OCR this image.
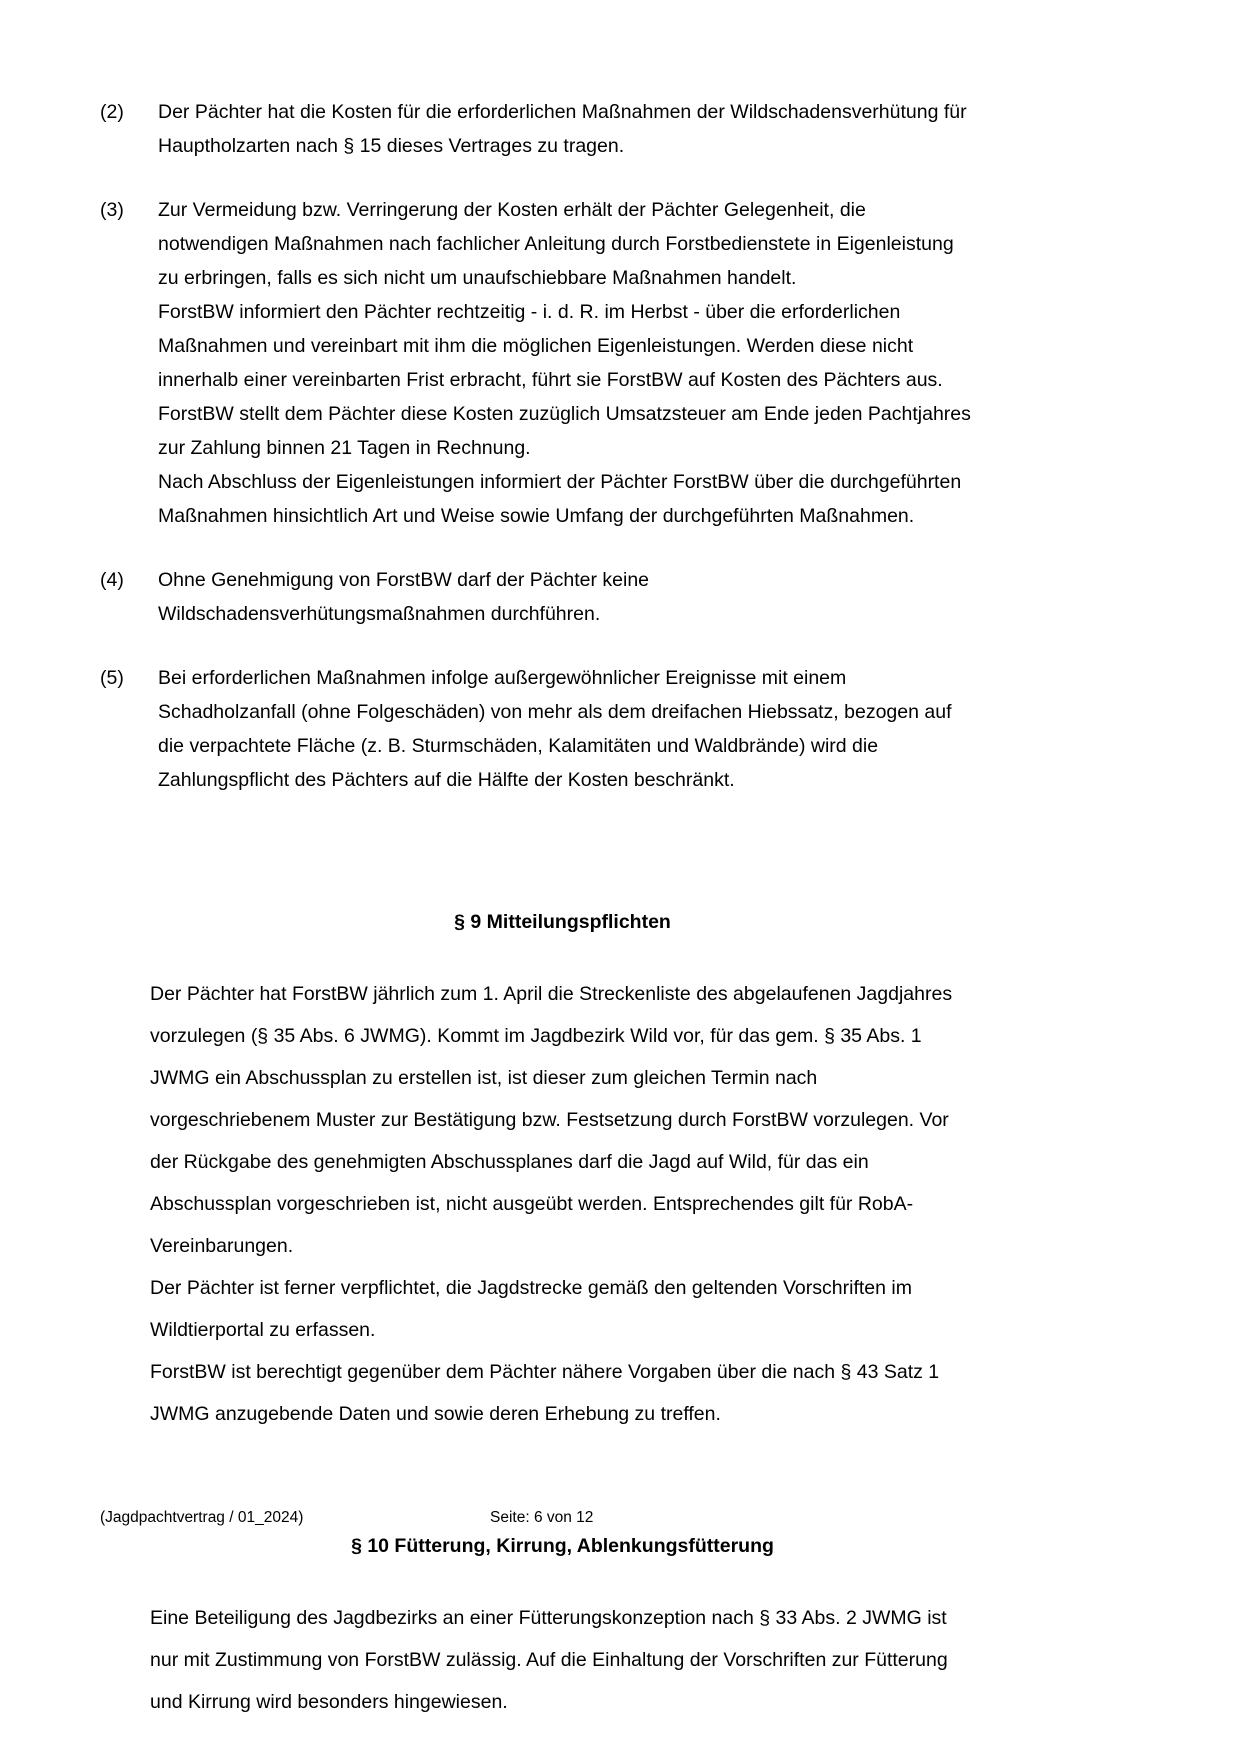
(2)	Der Pächter hat die Kosten für die erforderlichen Maßnahmen der Wildschadensverhütung für
Hauptholzarten nach § 15 dieses Vertrages zu tragen.
(3)	Zur Vermeidung bzw. Verringerung der Kosten erhält der Pächter Gelegenheit, die
notwendigen Maßnahmen nach fachlicher Anleitung durch Forstbedienstete in Eigenleistung
zu erbringen, falls es sich nicht um unaufschiebbare Maßnahmen handelt.
ForstBW informiert den Pächter rechtzeitig - i. d. R. im Herbst - über die erforderlichen
Maßnahmen und vereinbart mit ihm die möglichen Eigenleistungen. Werden diese nicht
innerhalb einer vereinbarten Frist erbracht, führt sie ForstBW auf Kosten des Pächters aus.
ForstBW stellt dem Pächter diese Kosten zuzüglich Umsatzsteuer am Ende jeden Pachtjahres
zur Zahlung binnen 21 Tagen in Rechnung.
Nach Abschluss der Eigenleistungen informiert der Pächter ForstBW über die durchgeführten
Maßnahmen hinsichtlich Art und Weise sowie Umfang der durchgeführten Maßnahmen.
(4)	Ohne Genehmigung von ForstBW darf der Pächter keine
Wildschadensverhütungsmaßnahmen durchführen.
(5)	Bei erforderlichen Maßnahmen infolge außergewöhnlicher Ereignisse mit einem
Schadholzanfall (ohne Folgeschäden) von mehr als dem dreifachen Hiebssatz, bezogen auf
die verpachtete Fläche (z. B. Sturmschäden, Kalamitäten und Waldbrände) wird die
Zahlungspflicht des Pächters auf die Hälfte der Kosten beschränkt.
§ 9 Mitteilungspflichten
Der Pächter hat ForstBW jährlich zum 1. April die Streckenliste des abgelaufenen Jagdjahres
vorzulegen (§ 35 Abs. 6 JWMG). Kommt im Jagdbezirk Wild vor, für das gem. § 35 Abs. 1
JWMG ein Abschussplan zu erstellen ist, ist dieser zum gleichen Termin nach
vorgeschriebenem Muster zur Bestätigung bzw. Festsetzung durch ForstBW vorzulegen. Vor
der Rückgabe des genehmigten Abschussplanes darf die Jagd auf Wild, für das ein
Abschussplan vorgeschrieben ist, nicht ausgeübt werden. Entsprechendes gilt für RobA-
Vereinbarungen.
Der Pächter ist ferner verpflichtet, die Jagdstrecke gemäß den geltenden Vorschriften im
Wildtierportal zu erfassen.
ForstBW ist berechtigt gegenüber dem Pächter nähere Vorgaben über die nach § 43 Satz 1
JWMG anzugebende Daten und sowie deren Erhebung zu treffen.
§ 10 Fütterung, Kirrung, Ablenkungsfütterung
Eine Beteiligung des Jagdbezirks an einer Fütterungskonzeption nach § 33 Abs. 2 JWMG ist
nur mit Zustimmung von ForstBW zulässig. Auf die Einhaltung der Vorschriften zur Fütterung
und Kirrung wird besonders hingewiesen.
(Jagdpachtvertrag / 01_2024)	Seite: 6 von 12
